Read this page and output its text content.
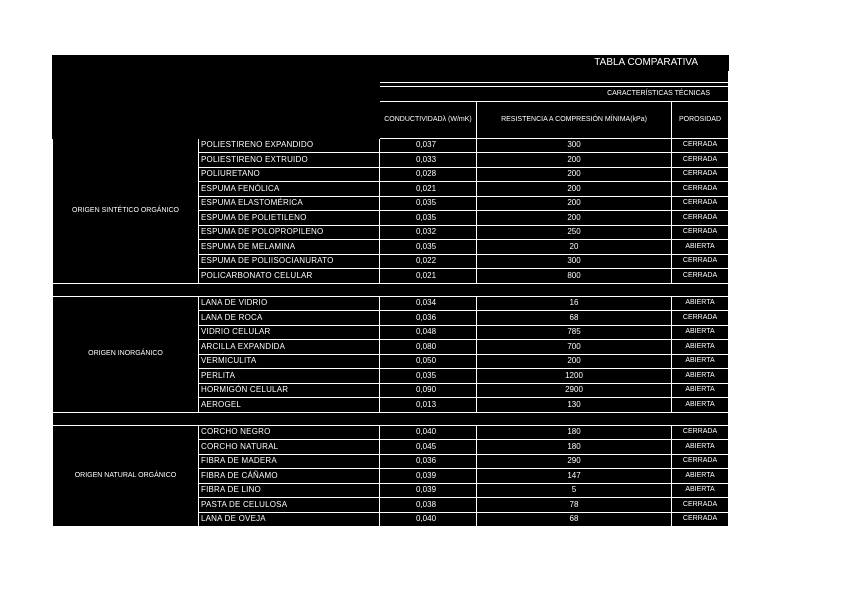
TABLA COMPARATIVA				

		CARACTERÍSTICAS TÉCNICAS		
		CONDUCTIVIDADλ (W/mK)	RESISTENCIA A COMPRESIÓN MÍNIMA(kPa)	POROSIDAD
ORIGEN SINTÉTICO ORGÁNICO	POLIESTIRENO EXPANDIDO	0,037	300	CERRADA
	POLIESTIRENO EXTRUIDO	0,033	200	CERRADA
	POLIURETANO	0,028	200	CERRADA
	ESPUMA FENÓLICA	0,021	200	CERRADA
	ESPUMA ELASTOMÉRICA	0,035	200	CERRADA
	ESPUMA DE POLIETILENO	0,035	200	CERRADA
	ESPUMA DE POLOPROPILENO	0,032	250	CERRADA
	ESPUMA DE MELAMINA	0,035	20	ABIERTA
	ESPUMA DE POLIISOCIANURATO	0,022	300	CERRADA
	POLICARBONATO CELULAR	0,021	800	CERRADA

ORIGEN INORGÁNICO	LANA DE VIDRIO	0,034	16	ABIERTA
	LANA DE ROCA	0,036	68	CERRADA
	VIDRIO CELULAR	0,048	785	ABIERTA
	ARCILLA EXPANDIDA	0,080	700	ABIERTA
	VERMICULITA	0,050	200	ABIERTA
	PERLITA	0,035	1200	ABIERTA
	HORMIGÓN CELULAR	0,090	2900	ABIERTA
	AEROGEL	0,013	130	ABIERTA

ORIGEN NATURAL ORGÁNICO	CORCHO NEGRO	0,040	180	CERRADA
	CORCHO NATURAL	0,045	180	ABIERTA
	FIBRA DE MADERA	0,036	290	CERRADA
	FIBRA DE CÁÑAMO	0,039	147	ABIERTA
	FIBRA DE LINO	0,039	5	ABIERTA
	PASTA DE CELULOSA	0,038	78	CERRADA
	LANA DE OVEJA	0,040	68	CERRADA
